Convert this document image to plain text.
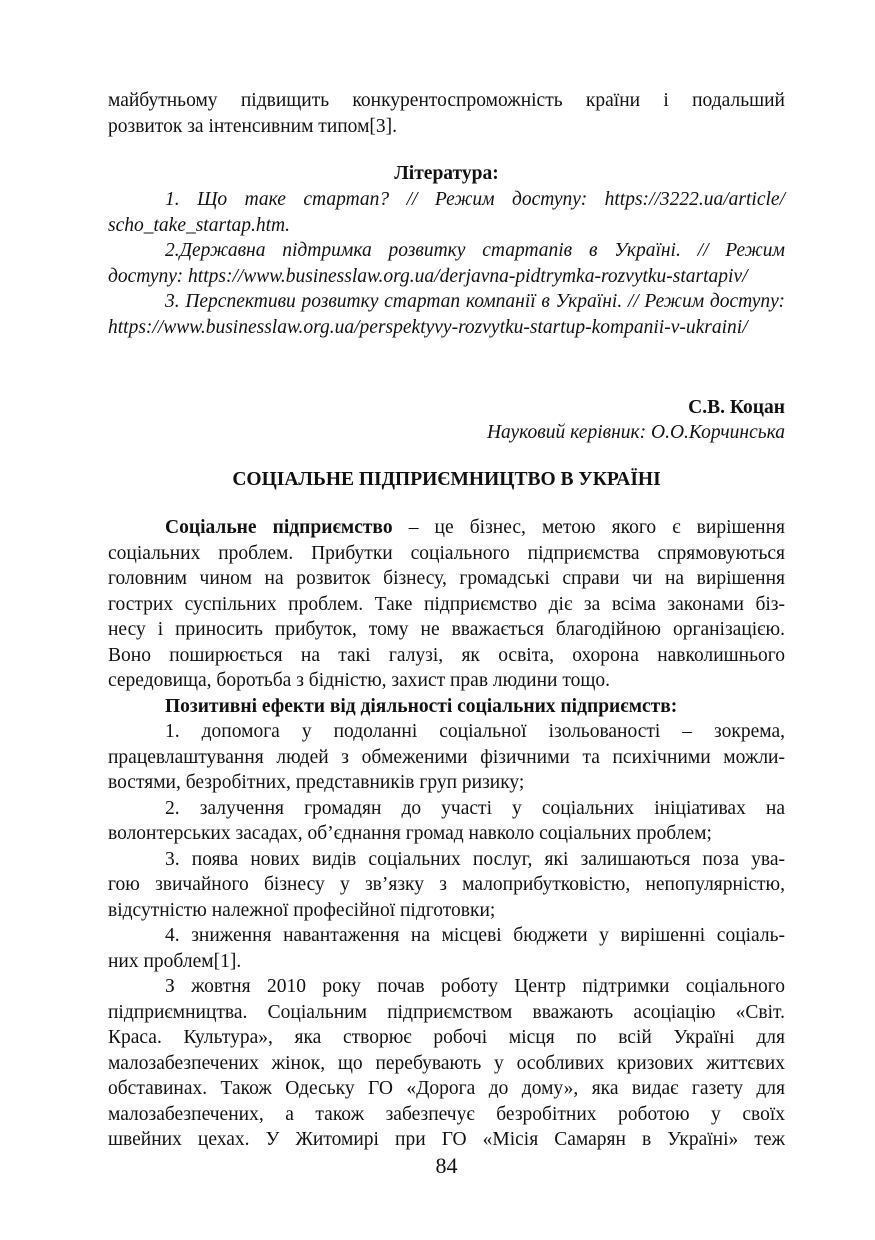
майбутньому підвищить конкурентоспроможність країни і подальший
розвиток за інтенсивним типом[3].
Література:
1. Що таке стартап? // Режим доступу: https://3222.ua/article/
scho_take_startap.htm.
2.Державна підтримка розвитку стартапів в Україні. // Режим
доступу: https://www.businesslaw.org.ua/derjavna-pidtrymka-rozvytku-startapiv/
3. Перспективи розвитку стартап компанії в Україні. // Режим доступу:
https://www.businesslaw.org.ua/perspektyvy-rozvytku-startup-kompanii-v-ukraini/
С.В. Коцан
Науковий керівник: О.О.Корчинська
СОЦІАЛЬНЕ ПІДПРИЄМНИЦТВО В УКРАЇНІ
Соціальне підприємство – це бізнес, метою якого є вирішення
соціальних проблем. Прибутки соціального підприємства спрямовуються
головним чином на розвиток бізнесу, громадські справи чи на вирішення
гострих суспільних проблем. Таке підприємство діє за всіма законами біз-
несу і приносить прибуток, тому не вважається благодійною організацією.
Воно поширюється на такі галузі, як освіта, охорона навколишнього
середовища, боротьба з бідністю, захист прав людини тощо.
Позитивні ефекти від діяльності соціальних підприємств:
1. допомога у подоланні соціальної ізольованості – зокрема,
працевлаштування людей з обмеженими фізичними та психічними можли-
востями, безробітних, представників груп ризику;
2. залучення громадян до участі у соціальних ініціативах на
волонтерських засадах, об’єднання громад навколо соціальних проблем;
3. поява нових видів соціальних послуг, які залишаються поза ува-
гою звичайного бізнесу у зв’язку з малоприбутковістю, непопулярністю,
відсутністю належної професійної підготовки;
4. зниження навантаження на місцеві бюджети у вирішенні соціаль-
них проблем[1].
З жовтня 2010 року почав роботу Центр підтримки соціального
підприємництва. Соціальним підприємством вважають асоціацію «Світ.
Краса. Культура», яка створює робочі місця по всій Україні для
малозабезпечених жінок, що перебувають у особливих кризових життєвих
обставинах. Також Одеську ГО «Дорога до дому», яка видає газету для
малозабезпечених, а також забезпечує безробітних роботою у своїх
швейних цехах. У Житомирі при ГО «Місія Самарян в Україні» теж
84
